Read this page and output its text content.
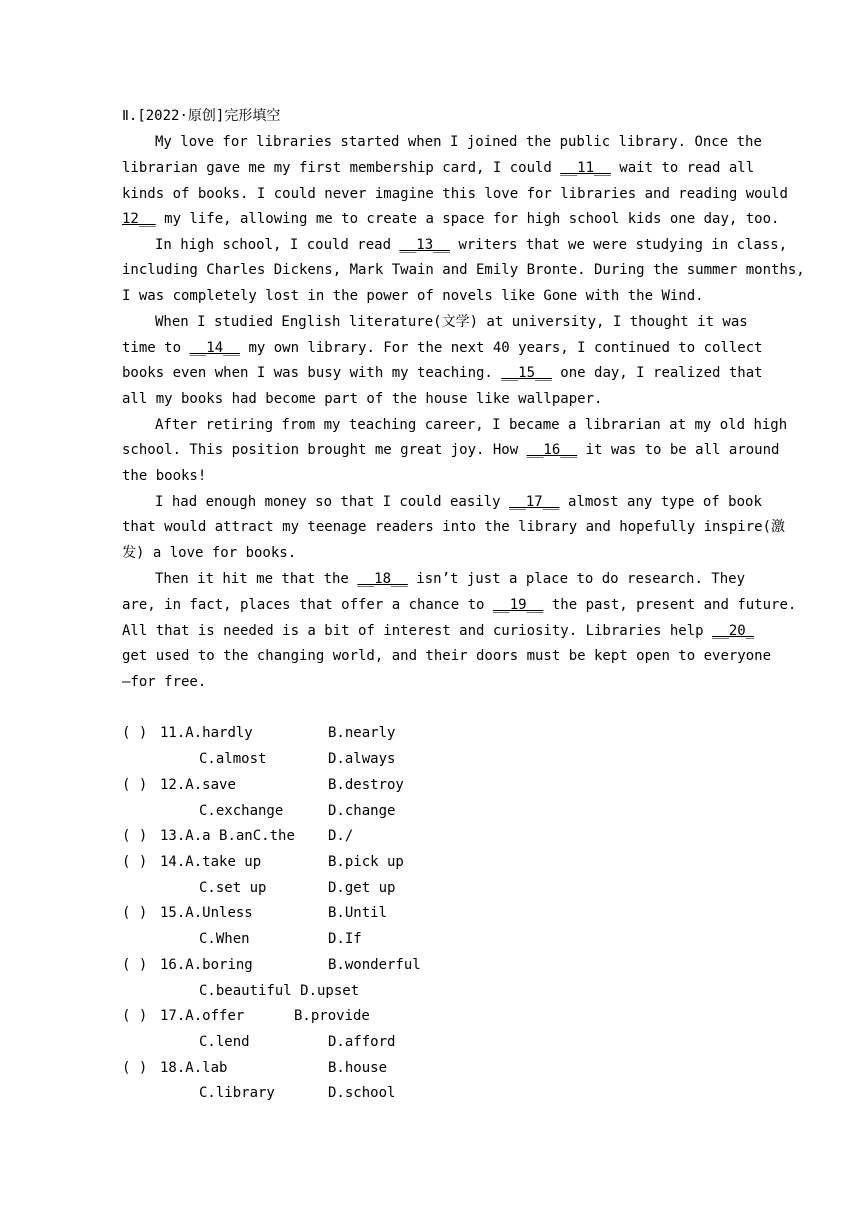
Ⅱ.[2022·原创]完形填空
My love for libraries started when I joined the public library. Once the
librarian gave me my first membership card, I could __11__ wait to read all
kinds of books. I could never imagine this love for libraries and reading would
12__ my life, allowing me to create a space for high school kids one day, too.
In high school, I could read __13__ writers that we were studying in class,
including Charles Dickens, Mark Twain and Emily Bronte. During the summer months,
I was completely lost in the power of novels like Gone with the Wind.
When I studied English literature(文学) at university, I thought it was
time to __14__ my own library. For the next 40 years, I continued to collect
books even when I was busy with my teaching. __15__ one day, I realized that
all my books had become part of the house like wallpaper.
After retiring from my teaching career, I became a librarian at my old high
school. This position brought me great joy. How __16__ it was to be all around
the books!
I had enough money so that I could easily __17__ almost any type of book
that would attract my teenage readers into the library and hopefully inspire(激
发) a love for books.
Then it hit me that the __18__ isn’t just a place to do research. They
are, in fact, places that offer a chance to __19__ the past, present and future.
All that is needed is a bit of interest and curiosity. Libraries help __20_
get used to the changing world, and their doors must be kept open to everyone
—for free.
( ) 11.A.hardly	B.nearly
C.almost	D.always
( ) 12.A.save	B.destroy
C.exchange	D.change
( ) 13.A.a B.anC.the D./
( ) 14.A.take up	B.pick up
C.set up	D.get up
( ) 15.A.Unless	B.Until
C.When	D.If
( ) 16.A.boring	B.wonderful
C.beautiful D.upset
( ) 17.A.offer	B.provide
C.lend	D.afford
( ) 18.A.lab	B.house
C.library	D.school
